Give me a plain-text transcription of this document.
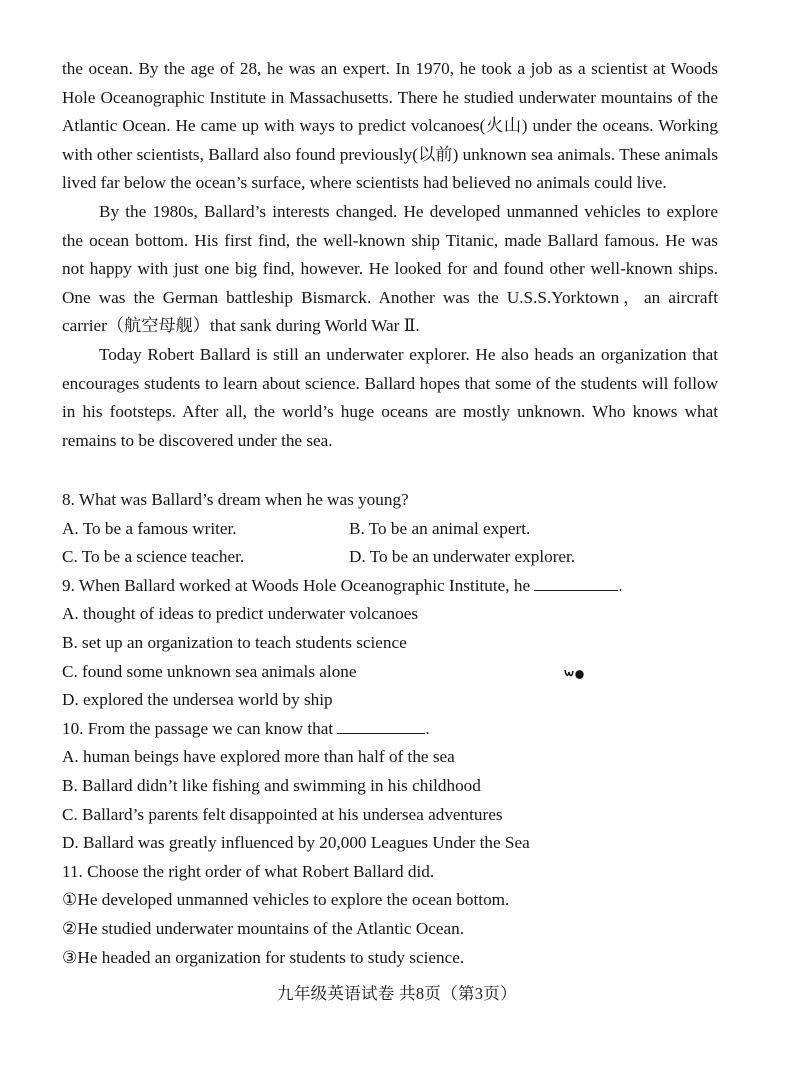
the ocean. By the age of 28, he was an expert. In 1970, he took a job as a scientist at Woods Hole Oceanographic Institute in Massachusetts. There he studied underwater mountains of the Atlantic Ocean. He came up with ways to predict volcanoes(火山) under the oceans. Working with other scientists, Ballard also found previously(以前) unknown sea animals. These animals lived far below the ocean’s surface, where scientists had believed no animals could live.

By the 1980s, Ballard’s interests changed. He developed unmanned vehicles to explore the ocean bottom. His first find, the well-known ship Titanic, made Ballard famous. He was not happy with just one big find, however. He looked for and found other well-known ships. One was the German battleship Bismarck. Another was the U.S.S.Yorktown，an aircraft carrier（航空母舰）that sank during World War Ⅱ.

Today Robert Ballard is still an underwater explorer. He also heads an organization that encourages students to learn about science. Ballard hopes that some of the students will follow in his footsteps. After all, the world’s huge oceans are mostly unknown. Who knows what remains to be discovered under the sea.

8. What was Ballard’s dream when he was young?
A. To be a famous writer.	B. To be an animal expert.
C. To be a science teacher.	D. To be an underwater explorer.
9. When Ballard worked at Woods Hole Oceanographic Institute, he	.
A. thought of ideas to predict underwater volcanoes
B. set up an organization to teach students science
C. found some unknown sea animals alone
D. explored the undersea world by ship
10. From the passage we can know that	.
A. human beings have explored more than half of the sea
B. Ballard didn’t like fishing and swimming in his childhood
C. Ballard’s parents felt disappointed at his undersea adventures
D. Ballard was greatly influenced by 20,000 Leagues Under the Sea
11. Choose the right order of what Robert Ballard did.
①He developed unmanned vehicles to explore the ocean bottom.
②He studied underwater mountains of the Atlantic Ocean.
③He headed an organization for students to study science.
九年级英语试卷 共8页（第3页）
